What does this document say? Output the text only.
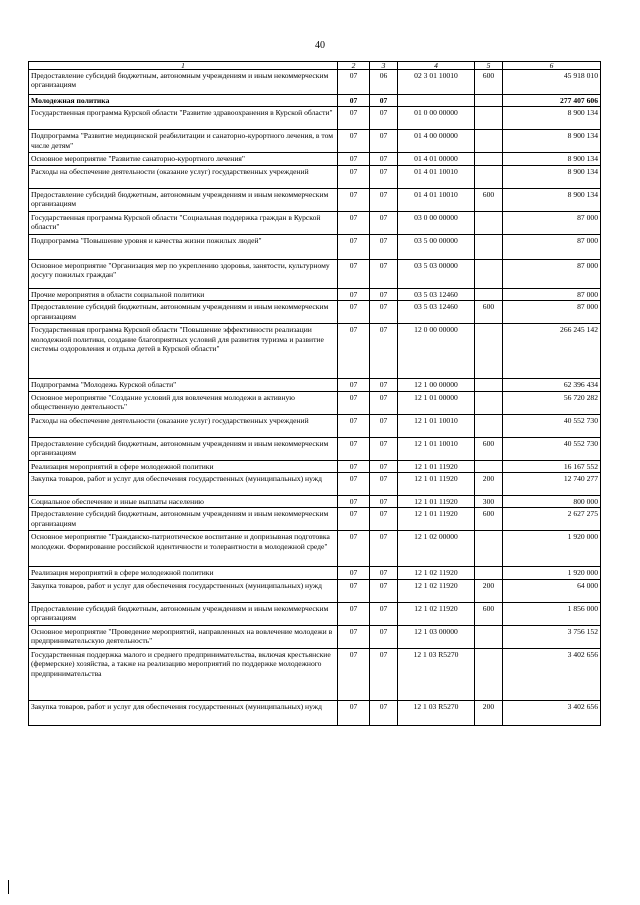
40
1	2	3	4	5	6
Предоставление субсидий бюджетным, автономным учреждениям и иным некоммерческим организациям	07	06	02 3 01 10010	600	45 918 010
Молодежная политика	07	07			277 407 606
Государственная программа Курской области "Развитие здравоохранения в Курской области"	07	07	01 0 00 00000		8 900 134
Подпрограмма "Развитие медицинской реабилитации и санаторно-курортного лечения, в том числе детям"	07	07	01 4 00 00000		8 900 134
Основное мероприятие "Развитие санаторно-курортного лечения"	07	07	01 4 01 00000		8 900 134
Расходы на обеспечение деятельности (оказание услуг) государственных учреждений	07	07	01 4 01 10010		8 900 134
Предоставление субсидий бюджетным, автономным учреждениям и иным некоммерческим организациям	07	07	01 4 01 10010	600	8 900 134
Государственная программа Курской области "Социальная поддержка граждан в Курской области"	07	07	03 0 00 00000		87 000
Подпрограмма "Повышение уровня и качества жизни пожилых людей"	07	07	03 5 00 00000		87 000
Основное мероприятие "Организация мер по укреплению здоровья, занятости, культурному досугу пожилых граждан"	07	07	03 5 03 00000		87 000
Прочие мероприятия в области социальной политики	07	07	03 5 03 12460		87 000
Предоставление субсидий бюджетным, автономным учреждениям и иным некоммерческим организациям	07	07	03 5 03 12460	600	87 000
Государственная программа Курской области "Повышение эффективности реализации молодежной политики, создание благоприятных условий для развития туризма и развитие системы оздоровления и отдыха детей в Курской области"	07	07	12 0 00 00000		266 245 142
Подпрограмма "Молодежь Курской области"	07	07	12 1 00 00000		62 396 434
Основное мероприятие "Создание условий для вовлечения молодежи в активную общественную деятельность"	07	07	12 1 01 00000		56 720 282
Расходы на обеспечение деятельности (оказание услуг) государственных учреждений	07	07	12 1 01 10010		40 552 730
Предоставление субсидий бюджетным, автономным учреждениям и иным некоммерческим организациям	07	07	12 1 01 10010	600	40 552 730
Реализация мероприятий в сфере молодежной политики	07	07	12 1 01 11920		16 167 552
Закупка товаров, работ и услуг для обеспечения государственных (муниципальных) нужд	07	07	12 1 01 11920	200	12 740 277
Социальное обеспечение и иные выплаты населению	07	07	12 1 01 11920	300	800 000
Предоставление субсидий бюджетным, автономным учреждениям и иным некоммерческим организациям	07	07	12 1 01 11920	600	2 627 275
Основное мероприятие "Гражданско-патриотическое воспитание и допризывная подготовка молодежи. Формирование российской идентичности и толерантности в молодежной среде"	07	07	12 1 02 00000		1 920 000
Реализация мероприятий в сфере молодежной политики	07	07	12 1 02 11920		1 920 000
Закупка товаров, работ и услуг для обеспечения государственных (муниципальных) нужд	07	07	12 1 02 11920	200	64 000
Предоставление субсидий бюджетным, автономным учреждениям и иным некоммерческим организациям	07	07	12 1 02 11920	600	1 856 000
Основное мероприятие "Проведение мероприятий, направленных на вовлечение молодежи в предпринимательскую деятельность"	07	07	12 1 03 00000		3 756 152
Государственная поддержка малого и среднего предпринимательства, включая крестьянские (фермерские) хозяйства, а также на реализацию мероприятий по поддержке молодежного предпринимательства	07	07	12 1 03 R5270		3 402 656
Закупка товаров, работ и услуг для обеспечения государственных (муниципальных) нужд	07	07	12 1 03 R5270	200	3 402 656
